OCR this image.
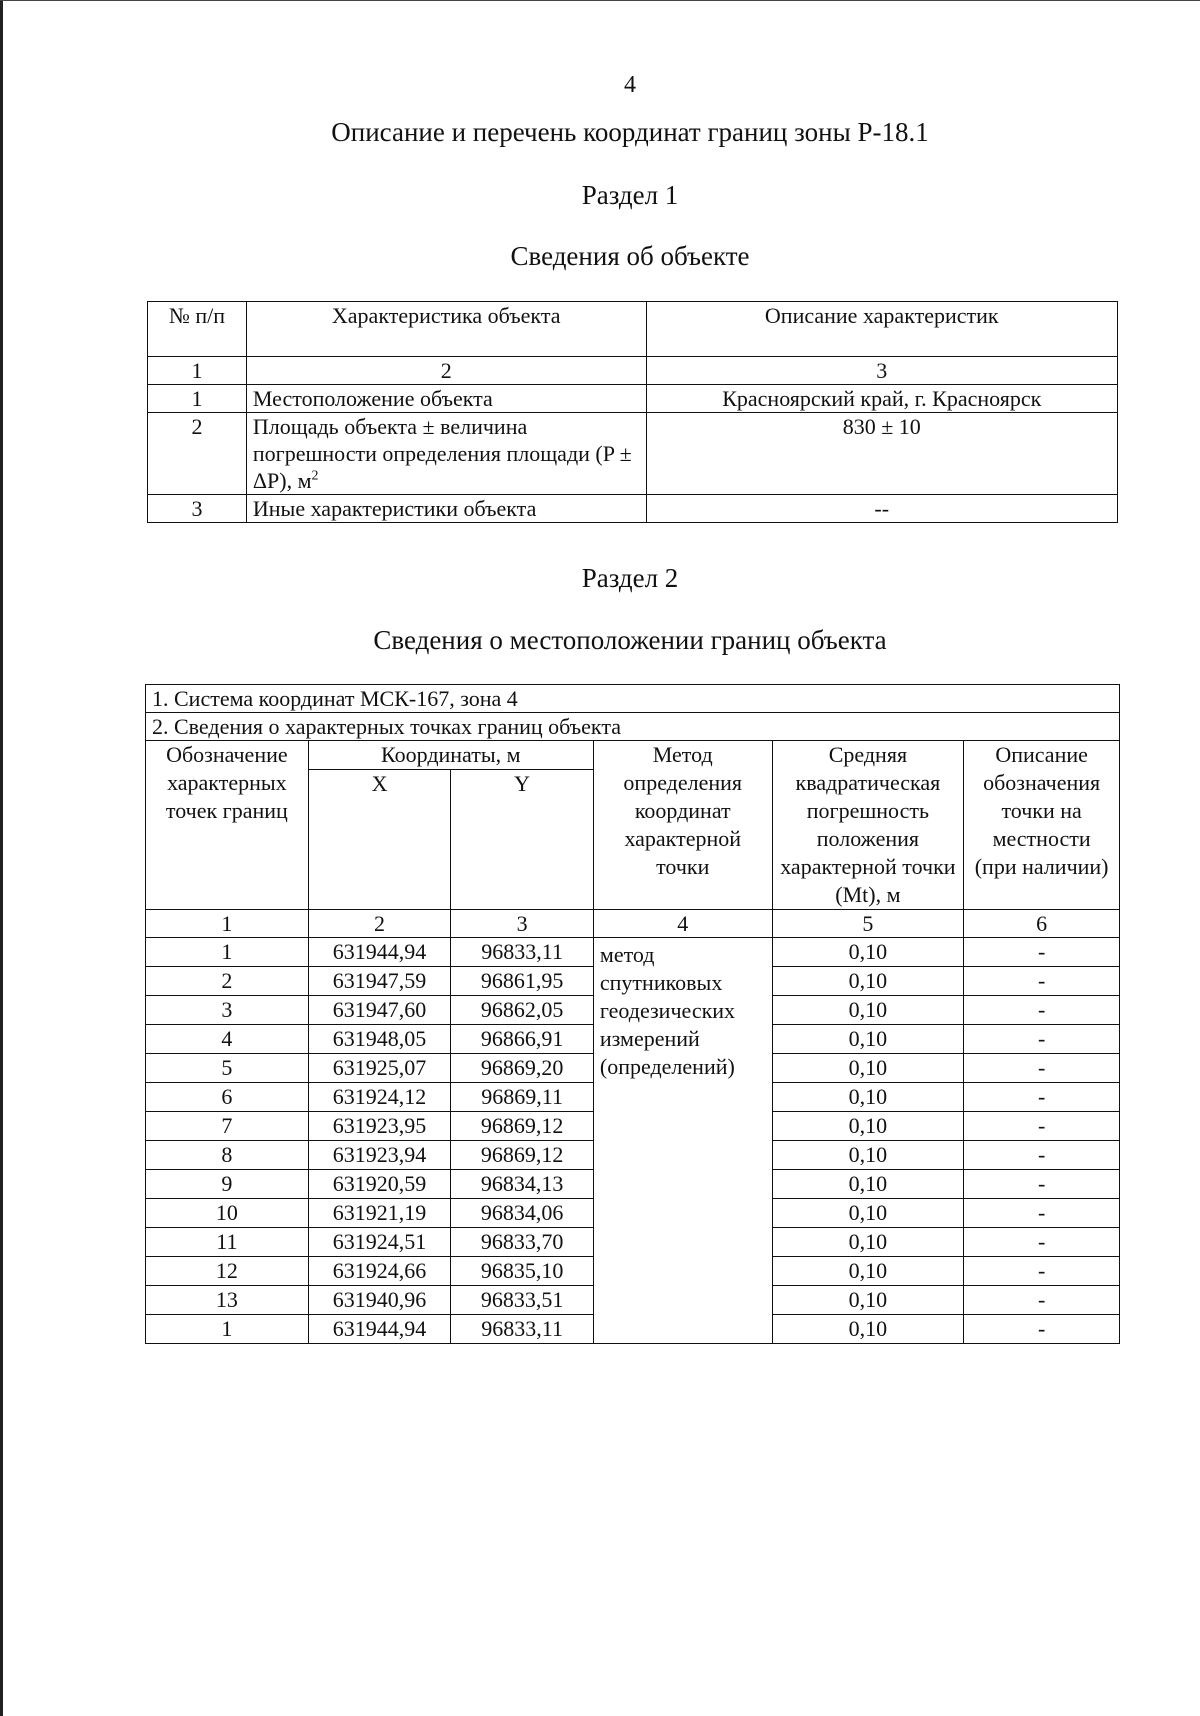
4
Описание и перечень координат границ зоны Р-18.1
Раздел 1
Сведения об объекте
№ п/п	Характеристика объекта	Описание характеристик
1	2	3
1	Местоположение объекта	Красноярский край, г. Красноярск
2	Площадь объекта ± величина погрешности определения площади (P ± ΔP), $м^2$	830 ± 10
3	Иные характеристики объекта	--
Раздел 2
Сведения о местоположении границ объекта
1. Система координат МСК-167, зона 4					
2. Сведения о характерных точках границ объекта					
Обозначение характерных точек границ	Координаты, м		Метод определения координат характерной точки	Средняя квадратическая погрешность положения характерной точки (Mt), м	Описание обозначения точки на местности (при наличии)
	X	Y			
1	2	3	4	5	6
1	631944,94	96833,11	метод спутниковых геодезических измерений (определений)	0,10	-
2	631947,59	96861,95		0,10	-
3	631947,60	96862,05		0,10	-
4	631948,05	96866,91		0,10	-
5	631925,07	96869,20		0,10	-
6	631924,12	96869,11		0,10	-
7	631923,95	96869,12		0,10	-
8	631923,94	96869,12		0,10	-
9	631920,59	96834,13		0,10	-
10	631921,19	96834,06		0,10	-
11	631924,51	96833,70		0,10	-
12	631924,66	96835,10		0,10	-
13	631940,96	96833,51		0,10	-
1	631944,94	96833,11		0,10	-
